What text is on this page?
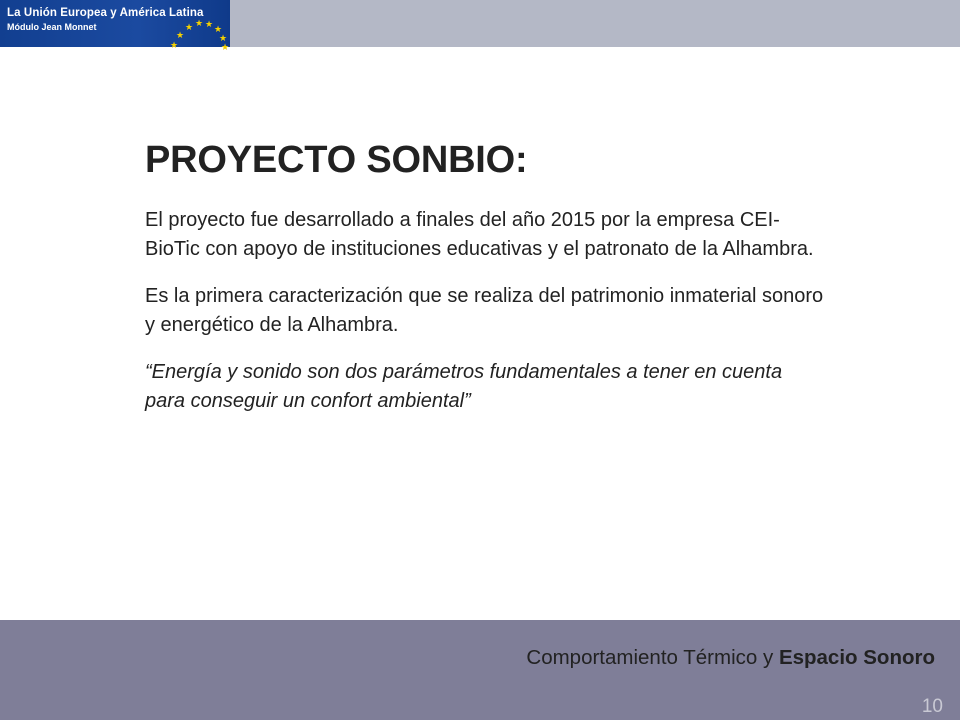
La Unión Europea y América Latina
Módulo Jean Monnet
★
★
★ ★ ★ ★
★
★
PROYECTO SONBIO:

El proyecto fue desarrollado a finales del año 2015 por la empresa CEI-BioTic con apoyo de instituciones educativas y el patronato de la Alhambra.

Es la primera caracterización que se realiza del patrimonio inmaterial sonoro y energético de la Alhambra.

“Energía y sonido son dos parámetros fundamentales a tener en cuenta para conseguir un confort ambiental”

Comportamiento Térmico y Espacio Sonoro
10
